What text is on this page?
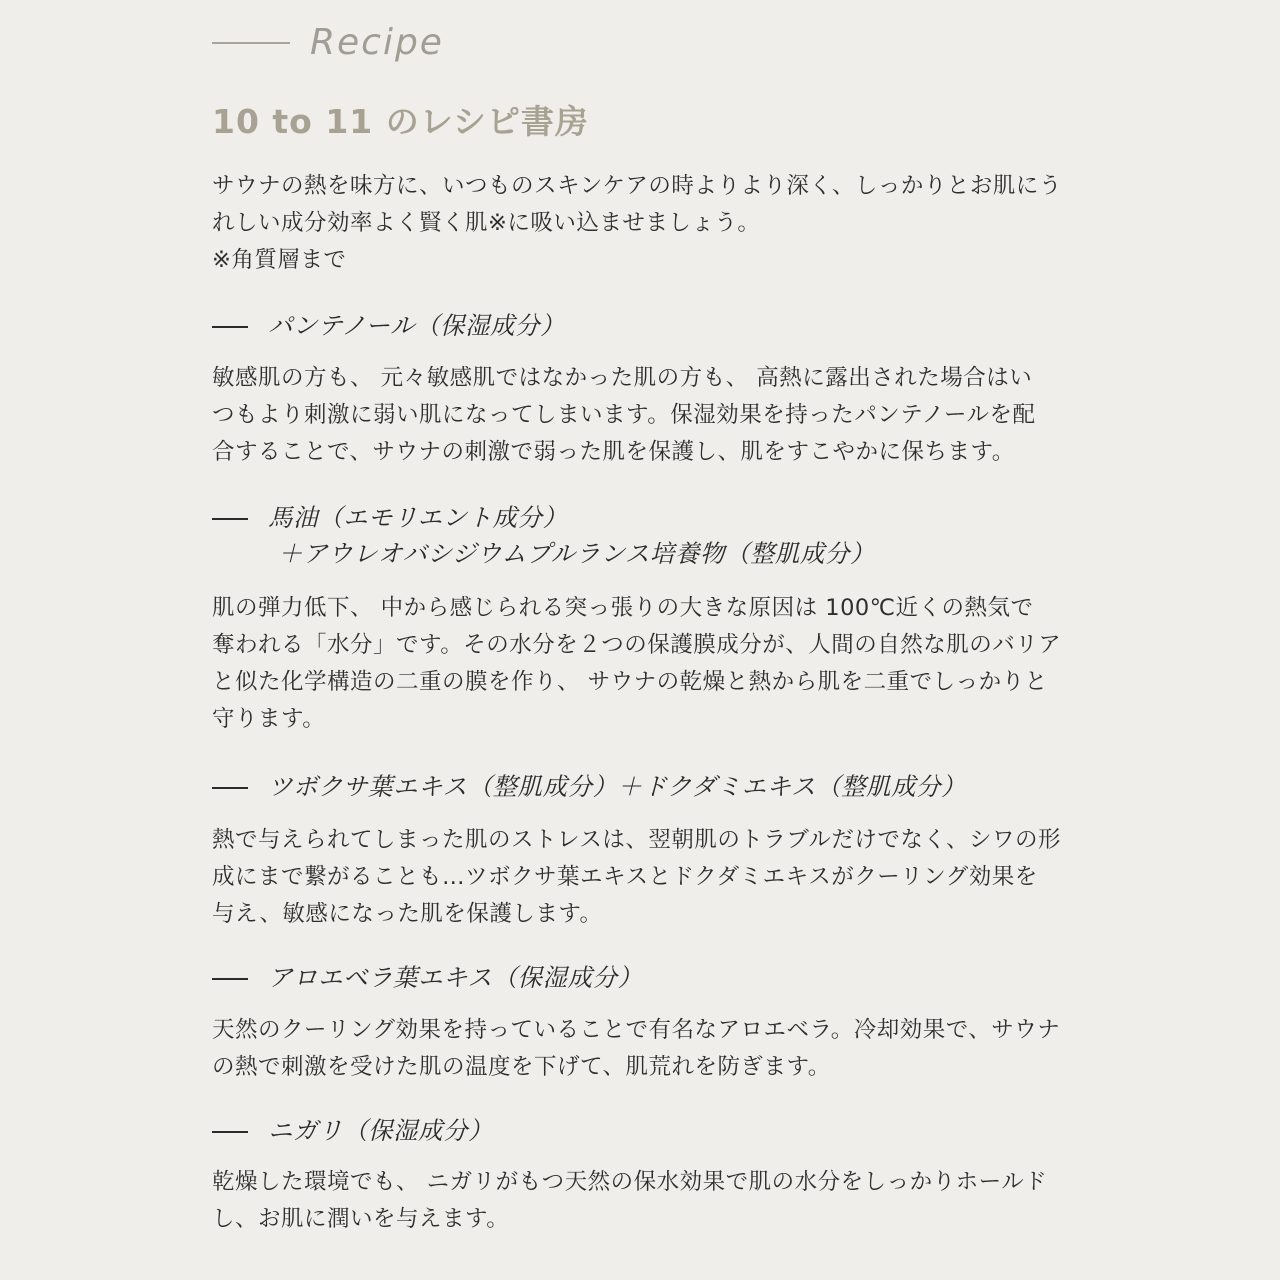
Recipe
10 to 11 のレシピ書房

サウナの熱を味方に、いつものスキンケアの時よりより深く、しっかりとお肌にう
れしい成分効率よく賢く肌※に吸い込ませましょう。
※角質層まで

パンテノール（保湿成分）

敏感肌の方も、 元々敏感肌ではなかった肌の方も、 高熱に露出された場合はい
つもより刺激に弱い肌になってしまいます。保湿効果を持ったパンテノールを配
合することで、サウナの刺激で弱った肌を保護し、肌をすこやかに保ちます。

馬油（エモリエント成分）
＋アウレオバシジウムプルランス培養物（整肌成分）

肌の弾力低下、 中から感じられる突っ張りの大きな原因は 100℃近くの熱気で
奪われる「水分」です。その水分を２つの保護膜成分が、人間の自然な肌のバリア
と似た化学構造の二重の膜を作り、 サウナの乾燥と熱から肌を二重でしっかりと
守ります。

ツボクサ葉エキス（整肌成分）＋ドクダミエキス（整肌成分）

熱で与えられてしまった肌のストレスは、翌朝肌のトラブルだけでなく、シワの形
成にまで繋がることも…ツボクサ葉エキスとドクダミエキスがクーリング効果を
与え、敏感になった肌を保護します。

アロエベラ葉エキス（保湿成分）

天然のクーリング効果を持っていることで有名なアロエベラ。冷却効果で、サウナ
の熱で刺激を受けた肌の温度を下げて、肌荒れを防ぎます。

ニガリ（保湿成分）

乾燥した環境でも、 ニガリがもつ天然の保水効果で肌の水分をしっかりホールド
し、お肌に潤いを与えます。
